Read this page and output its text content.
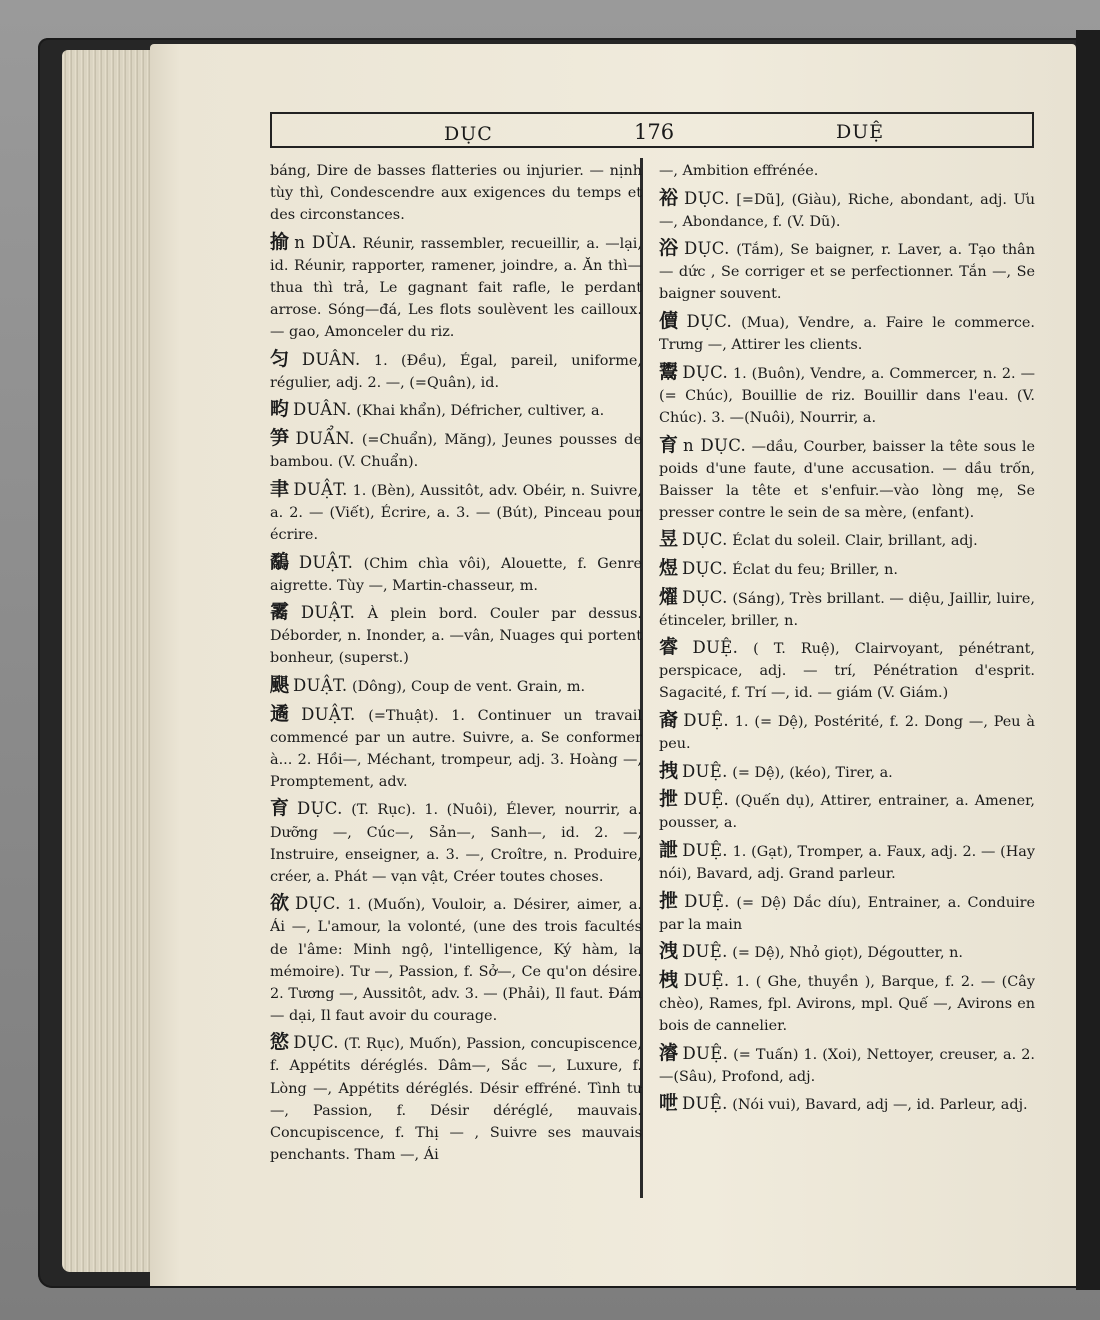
DỤC	176	DUỆ

báng, Dire de basses flatteries ou injurier. — nịnh tùy thì, Condescendre aux exigences du temps et des circonstances.

揄 n DÙA. Réunir, rassembler, recueillir, a. —lại, id. Réunir, rapporter, ramener, joindre, a. Ăn thì—thua thì trả, Le gagnant fait rafle, le perdant arrose. Sóng—đá, Les flots soulèvent les cailloux. — gao, Amonceler du riz.

匀 DUÂN. 1. (Đều), Égal, pareil, uniforme, régulier, adj. 2. —, (=Quân), id.

畇 DUÂN. (Khai khẩn), Défricher, cultiver, a.

笋 DUẨN. (=Chuẩn), Măng), Jeunes pousses de bambou. (V. Chuẩn).

聿 DUẬT. 1. (Bèn), Aussitôt, adv. Obéir, n. Suivre, a. 2. — (Viết), Écrire, a. 3. — (Bút), Pinceau pour écrire.

鷸 DUẬT. (Chim chìa vôi), Alouette, f. Genre aigrette. Tùy —, Martin-chasseur, m.

霱 DUẬT. À plein bord. Couler par dessus. Déborder, n. Inonder, a. —vân, Nuages qui portent bonheur, (superst.)

颶 DUẬT. (Dông), Coup de vent. Grain, m.

遹 DUẬT. (=Thuật). 1. Continuer un travail commencé par un autre. Suivre, a. Se conformer à... 2. Hồi—, Méchant, trompeur, adj. 3. Hoàng —, Promptement, adv.

育 DỤC. (T. Rục). 1. (Nuôi), Élever, nourrir, a. Dưỡng —, Cúc—, Sản—, Sanh—, id. 2. —, Instruire, enseigner, a. 3. —, Croître, n. Produire, créer, a. Phát — vạn vật, Créer toutes choses.

欲 DỤC. 1. (Muốn), Vouloir, a. Désirer, aimer, a. Ái —, L'amour, la volonté, (une des trois facultés de l'âme: Minh ngộ, l'intelligence, Ký hàm, la mémoire). Tư —, Passion, f. Sở—, Ce qu'on désire. 2. Tương —, Aussitôt, adv. 3. — (Phải), Il faut. Đám — dại, Il faut avoir du courage.

慾 DỤC. (T. Rục), Muốn), Passion, concupiscence, f. Appétits déréglés. Dâm—, Sắc —, Luxure, f. Lòng —, Appétits déréglés. Désir effréné. Tình tư—, Passion, f. Désir déréglé, mauvais. Concupiscence, f. Thị — , Suivre ses mauvais penchants. Tham —, Ái

—, Ambition effrénée.

裕 DỤC. [=Dũ], (Giàu), Riche, abondant, adj. Ưu —, Abondance, f. (V. Dũ).

浴 DỤC. (Tắm), Se baigner, r. Laver, a. Tạo thân — dức , Se corriger et se perfectionner. Tắn —, Se baigner souvent.

儥 DỤC. (Mua), Vendre, a. Faire le commerce. Trưng —, Attirer les clients.

鬻 DỤC. 1. (Buôn), Vendre, a. Commercer, n. 2. — (= Chúc), Bouillie de riz. Bouillir dans l'eau. (V. Chúc). 3. —(Nuôi), Nourrir, a.

育 n DỤC. —dầu, Courber, baisser la tête sous le poids d'une faute, d'une accusation. — dầu trốn, Baisser la tête et s'enfuir.—vào lòng mẹ, Se presser contre le sein de sa mère, (enfant).

昱 DỤC. Éclat du soleil. Clair, brillant, adj.

煜 DỤC. Éclat du feu; Briller, n.

燿 DỤC. (Sáng), Très brillant. — diệu, Jaillir, luire, étinceler, briller, n.

睿 DUỆ. ( T. Ruệ), Clairvoyant, pénétrant, perspicace, adj. — trí, Pénétration d'esprit. Sagacité, f. Trí —, id. — giám (V. Giám.)

裔 DUỆ. 1. (= Dệ), Postérité, f. 2. Dong —, Peu à peu.

拽 DUỆ. (= Dệ), (kéo), Tirer, a.

抴 DUỆ. (Quến dụ), Attirer, entrainer, a. Amener, pousser, a.

詍 DUỆ. 1. (Gạt), Tromper, a. Faux, adj. 2. — (Hay nói), Bavard, adj. Grand parleur.

抴 DUỆ. (= Dệ) Dắc díu), Entrainer, a. Conduire par la main

洩 DUỆ. (= Dệ), Nhỏ giọt), Dégoutter, n.

栧 DUỆ. 1. ( Ghe, thuyền ), Barque, f. 2. — (Cây chèo), Rames, fpl. Avirons, mpl. Quế —, Avirons en bois de cannelier.

濬 DUỆ. (= Tuấn) 1. (Xoi), Nettoyer, creuser, a. 2. —(Sâu), Profond, adj.

呭 DUỆ. (Nói vui), Bavard, adj —, id. Parleur, adj.
